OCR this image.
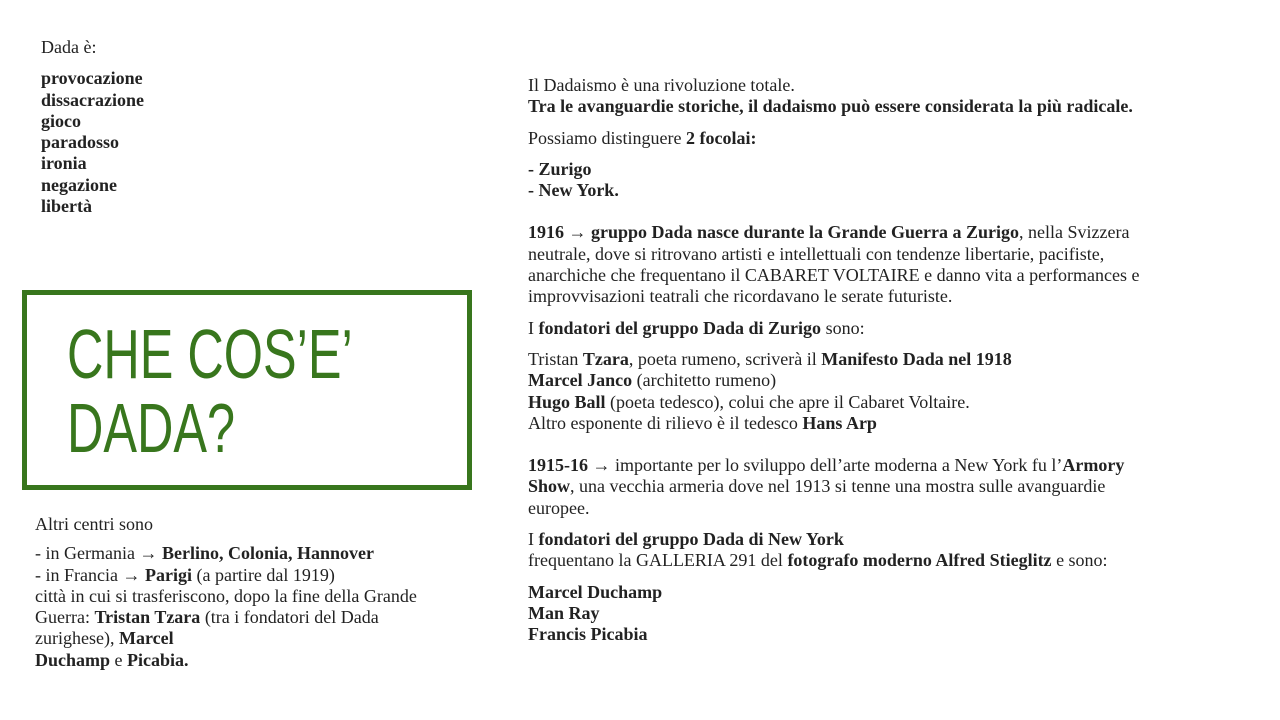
Dada è:
provocazione
dissacrazione
gioco
paradosso
ironia
negazione
libertà
CHE COS’E’
DADA?
Altri centri sono
- in Germania → Berlino, Colonia, Hannover
- in Francia → Parigi (a partire dal 1919)
città in cui si trasferiscono, dopo la fine della Grande
Guerra: Tristan Tzara (tra i fondatori del Dada
zurighese), Marcel
Duchamp e Picabia.
Il Dadaismo è una rivoluzione totale.
Tra le avanguardie storiche, il dadaismo può essere considerata la più radicale.
Possiamo distinguere 2 focolai:
- Zurigo
- New York.
1916 → gruppo Dada nasce durante la Grande Guerra a Zurigo, nella Svizzera
neutrale, dove si ritrovano artisti e intellettuali con tendenze libertarie, pacifiste,
anarchiche che frequentano il CABARET VOLTAIRE e danno vita a performances e
improvvisazioni teatrali che ricordavano le serate futuriste.
I fondatori del gruppo Dada di Zurigo sono:
Tristan Tzara, poeta rumeno, scriverà il Manifesto Dada nel 1918
Marcel Janco (architetto rumeno)
Hugo Ball (poeta tedesco), colui che apre il Cabaret Voltaire.
Altro esponente di rilievo è il tedesco Hans Arp
1915-16 → importante per lo sviluppo dell’arte moderna a New York fu l’Armory
Show, una vecchia armeria dove nel 1913 si tenne una mostra sulle avanguardie
europee.
I fondatori del gruppo Dada di New York
frequentano la GALLERIA 291 del fotografo moderno Alfred Stieglitz e sono:
Marcel Duchamp
Man Ray
Francis Picabia
